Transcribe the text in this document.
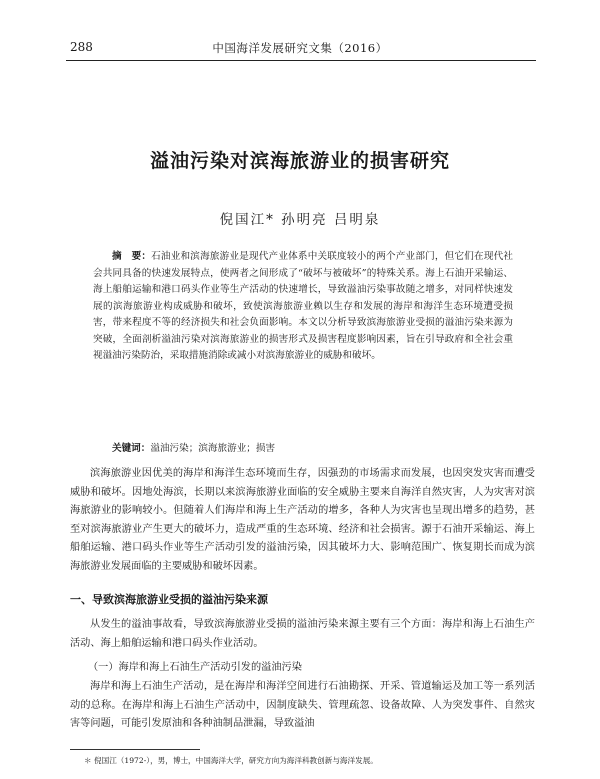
288	中国海洋发展研究文集（2016）
溢油污染对滨海旅游业的损害研究
倪国江* 孙明亮 吕明泉
摘　要：石油业和滨海旅游业是现代产业体系中关联度较小的两个产业部门，但它们在现代社会共同具备的快速发展特点，使两者之间形成了“破坏与被破坏”的特殊关系。海上石油开采输运、海上船舶运输和港口码头作业等生产活动的快速增长，导致溢油污染事故随之增多，对同样快速发展的滨海旅游业构成威胁和破坏，致使滨海旅游业赖以生存和发展的海岸和海洋生态环境遭受损害，带来程度不等的经济损失和社会负面影响。本文以分析导致滨海旅游业受损的溢油污染来源为突破，全面剖析溢油污染对滨海旅游业的损害形式及损害程度影响因素，旨在引导政府和全社会重视溢油污染防治，采取措施消除或减小对滨海旅游业的威胁和破坏。
关键词：溢油污染；滨海旅游业；损害

滨海旅游业因优美的海岸和海洋生态环境而生存，因强劲的市场需求而发展，也因突发灾害而遭受威胁和破坏。因地处海滨，长期以来滨海旅游业面临的安全威胁主要来自海洋自然灾害，人为灾害对滨海旅游业的影响较小。但随着人们海岸和海上生产活动的增多，各种人为灾害也呈现出增多的趋势，甚至对滨海旅游业产生更大的破坏力，造成严重的生态环境、经济和社会损害。源于石油开采输运、海上船舶运输、港口码头作业等生产活动引发的溢油污染，因其破坏力大、影响范围广、恢复期长而成为滨海旅游业发展面临的主要威胁和破坏因素。

一、导致滨海旅游业受损的溢油污染来源

从发生的溢油事故看，导致滨海旅游业受损的溢油污染来源主要有三个方面：海岸和海上石油生产活动、海上船舶运输和港口码头作业活动。

（一）海岸和海上石油生产活动引发的溢油污染

海岸和海上石油生产活动，是在海岸和海洋空间进行石油勘探、开采、管道输运及加工等一系列活动的总称。在海岸和海上石油生产活动中，因制度缺失、管理疏忽、设备故障、人为突发事件、自然灾害等问题，可能引发原油和各种油制品泄漏，导致溢油

＊ 倪国江（1972-），男，博士，中国海洋大学，研究方向为海洋科教创新与海洋发展。
